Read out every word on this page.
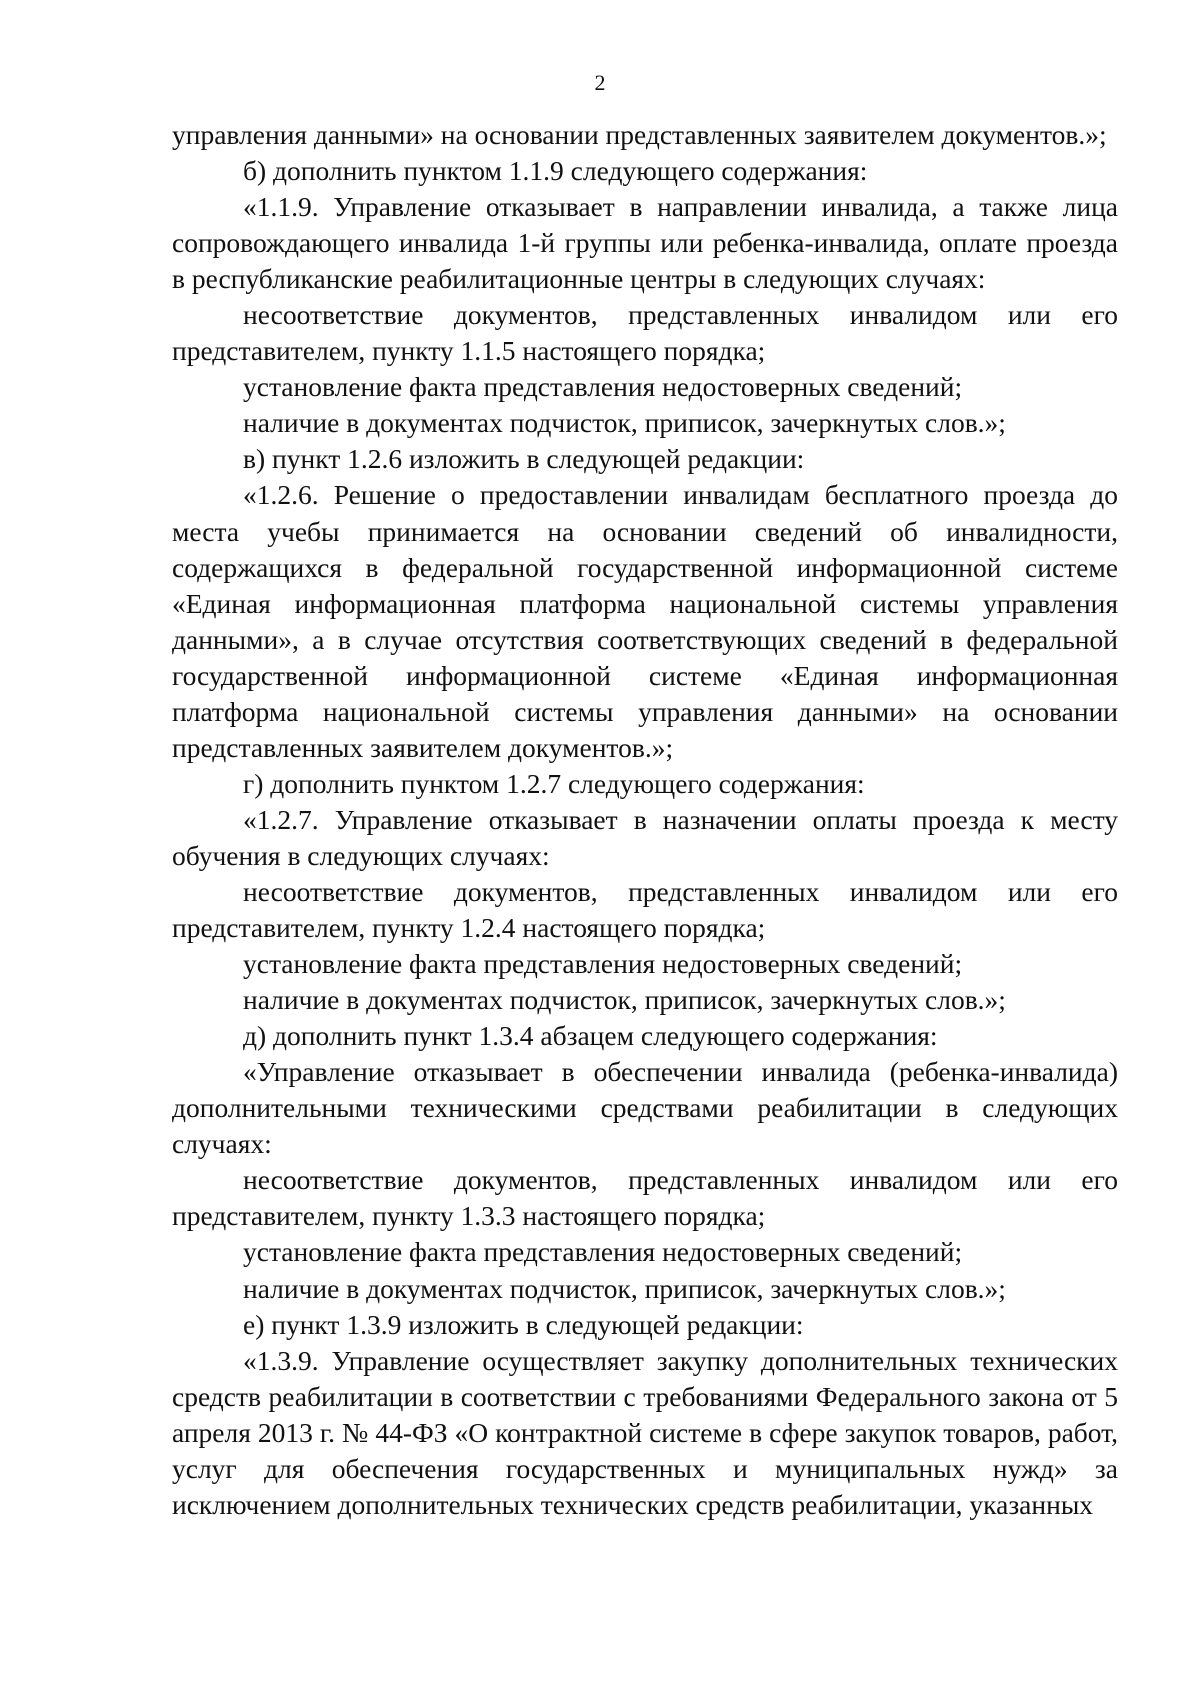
2

управления данными» на основании представленных заявителем документов.»;

б) дополнить пунктом 1.1.9 следующего содержания:

«1.1.9. Управление отказывает в направлении инвалида, а также лица сопровождающего инвалида 1-й группы или ребенка-инвалида, оплате проезда в республиканские реабилитационные центры в следующих случаях:

несоответствие документов, представленных инвалидом или его представителем, пункту 1.1.5 настоящего порядка;

установление факта представления недостоверных сведений;

наличие в документах подчисток, приписок, зачеркнутых слов.»;

в) пункт 1.2.6 изложить в следующей редакции:

«1.2.6. Решение о предоставлении инвалидам бесплатного проезда до места учебы принимается на основании сведений об инвалидности, содержащихся в федеральной государственной информационной системе «Единая информационная платформа национальной системы управления данными», а в случае отсутствия соответствующих сведений в федеральной государственной информационной системе «Единая информационная платформа национальной системы управления данными» на основании представленных заявителем документов.»;

г) дополнить пунктом 1.2.7 следующего содержания:

«1.2.7. Управление отказывает в назначении оплаты проезда к месту обучения в следующих случаях:

несоответствие документов, представленных инвалидом или его представителем, пункту 1.2.4 настоящего порядка;

установление факта представления недостоверных сведений;

наличие в документах подчисток, приписок, зачеркнутых слов.»;

д) дополнить пункт 1.3.4 абзацем следующего содержания:

«Управление отказывает в обеспечении инвалида (ребенка-инвалида) дополнительными техническими средствами реабилитации в следующих случаях:

несоответствие документов, представленных инвалидом или его представителем, пункту 1.3.3 настоящего порядка;

установление факта представления недостоверных сведений;

наличие в документах подчисток, приписок, зачеркнутых слов.»;

е) пункт 1.3.9 изложить в следующей редакции:

«1.3.9. Управление осуществляет закупку дополнительных технических средств реабилитации в соответствии с требованиями Федерального закона от 5 апреля 2013 г. № 44-ФЗ «О контрактной системе в сфере закупок товаров, работ, услуг для обеспечения государственных и муниципальных нужд» за исключением дополнительных технических средств реабилитации, указанных
